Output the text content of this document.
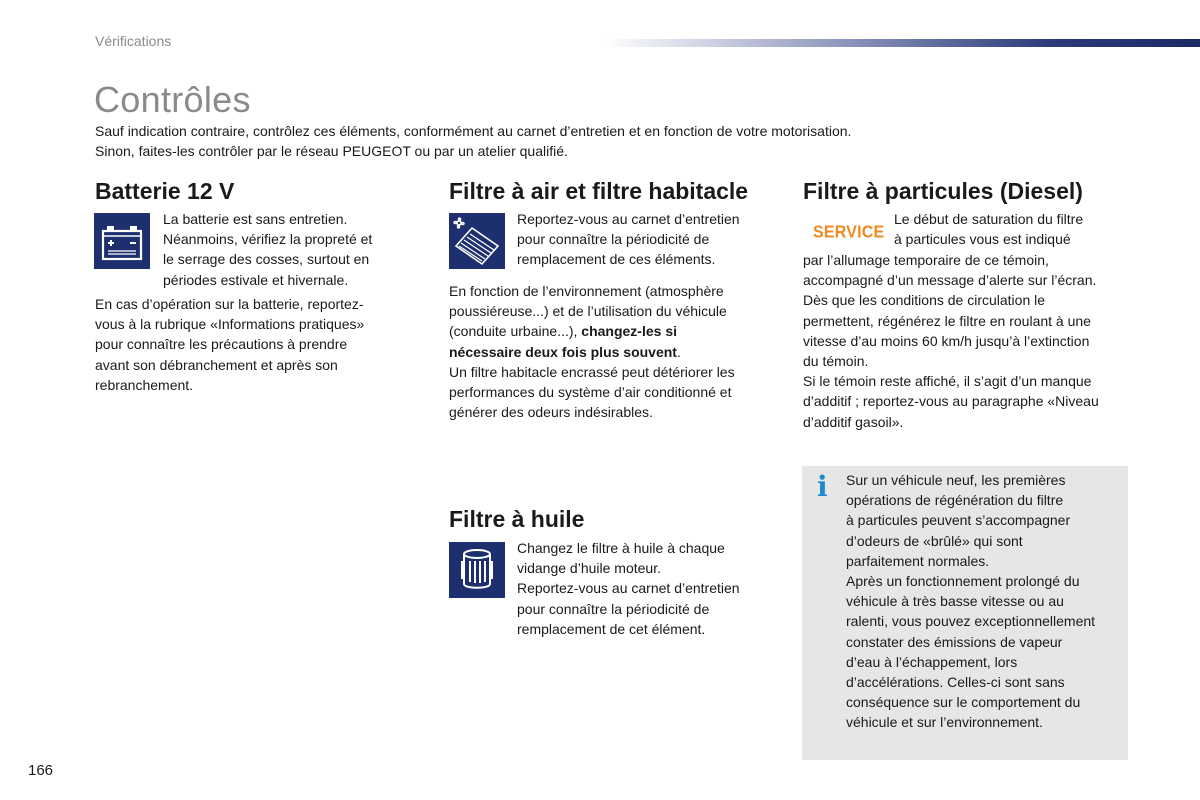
Vérifications
Contrôles

Sauf indication contraire, contrôlez ces éléments, conformément au carnet d’entretien et en fonction de votre motorisation.

Sinon, faites-les contrôler par le réseau PEUGEOT ou par un atelier qualifié.

Batterie 12 V

La batterie est sans entretien.

Néanmoins, vérifiez la propreté et

le serrage des cosses, surtout en

périodes estivale et hivernale.

En cas d’opération sur la batterie, reportez-

vous à la rubrique «Informations pratiques»

pour connaître les précautions à prendre

avant son débranchement et après son

rebranchement.

Filtre à air et filtre habitacle

Reportez-vous au carnet d’entretien

pour connaître la périodicité de

remplacement de ces éléments.

En fonction de l’environnement (atmosphère

poussiéreuse...) et de l’utilisation du véhicule

(conduite urbaine...), changez-les si

nécessaire deux fois plus souvent.

Un filtre habitacle encrassé peut détériorer les

performances du système d’air conditionné et

générer des odeurs indésirables.

Filtre à huile

Changez le filtre à huile à chaque

vidange d’huile moteur.

Reportez-vous au carnet d’entretien

pour connaître la périodicité de

remplacement de cet élément.

Filtre à particules (Diesel)
SERVICE

Le début de saturation du filtre

à particules vous est indiqué

par l’allumage temporaire de ce témoin,

accompagné d’un message d’alerte sur l’écran.

Dès que les conditions de circulation le

permettent, régénérez le filtre en roulant à une

vitesse d’au moins 60 km/h jusqu’à l’extinction

du témoin.

Si le témoin reste affiché, il s’agit d’un manque

d’additif ; reportez-vous au paragraphe «Niveau

d’additif gasoil».

i Sur un véhicule neuf, les premières

opérations de régénération du filtre

à particules peuvent s’accompagner

d’odeurs de «brûlé» qui sont

parfaitement normales.

Après un fonctionnement prolongé du

véhicule à très basse vitesse ou au

ralenti, vous pouvez exceptionnellement

constater des émissions de vapeur

d’eau à l’échappement, lors

d’accélérations. Celles-ci sont sans

conséquence sur le comportement du

véhicule et sur l’environnement.

166
